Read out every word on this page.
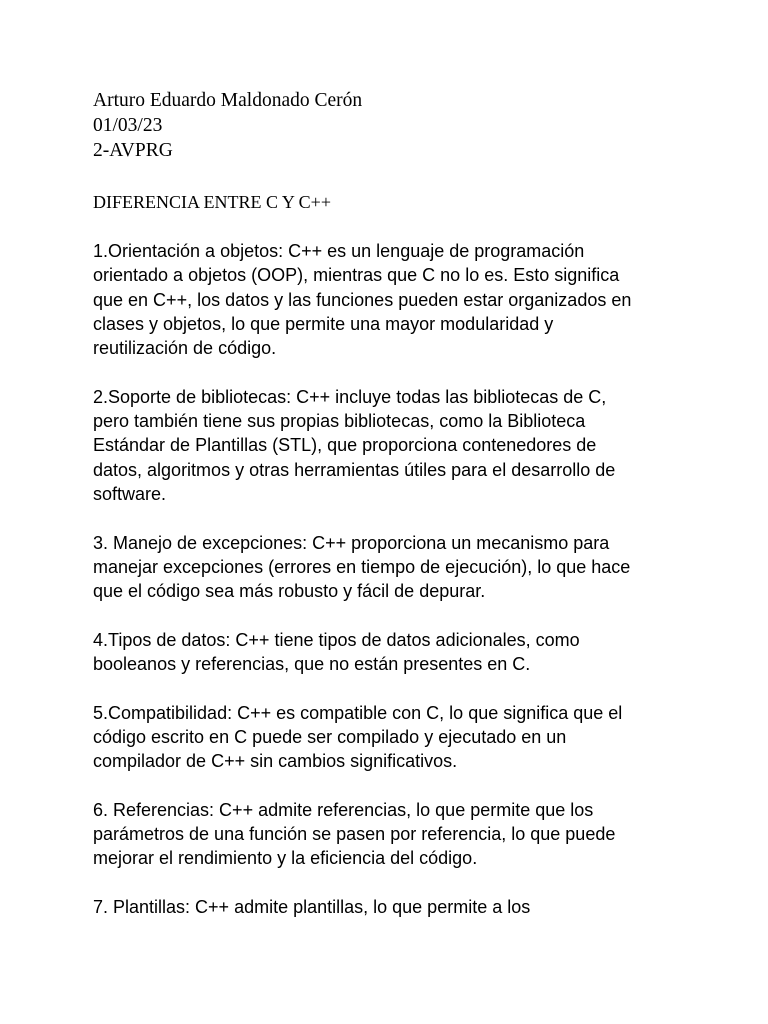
Arturo Eduardo Maldonado Cerón
01/03/23
2-AVPRG
DIFERENCIA ENTRE C Y C++

1.Orientación a objetos: C++ es un lenguaje de programación
orientado a objetos (OOP), mientras que C no lo es. Esto significa
que en C++, los datos y las funciones pueden estar organizados en
clases y objetos, lo que permite una mayor modularidad y
reutilización de código.

2.Soporte de bibliotecas: C++ incluye todas las bibliotecas de C,
pero también tiene sus propias bibliotecas, como la Biblioteca
Estándar de Plantillas (STL), que proporciona contenedores de
datos, algoritmos y otras herramientas útiles para el desarrollo de
software.

3. Manejo de excepciones: C++ proporciona un mecanismo para
manejar excepciones (errores en tiempo de ejecución), lo que hace
que el código sea más robusto y fácil de depurar.

4.Tipos de datos: C++ tiene tipos de datos adicionales, como
booleanos y referencias, que no están presentes en C.

5.Compatibilidad: C++ es compatible con C, lo que significa que el
código escrito en C puede ser compilado y ejecutado en un
compilador de C++ sin cambios significativos.

6. Referencias: C++ admite referencias, lo que permite que los
parámetros de una función se pasen por referencia, lo que puede
mejorar el rendimiento y la eficiencia del código.

7. Plantillas: C++ admite plantillas, lo que permite a los
